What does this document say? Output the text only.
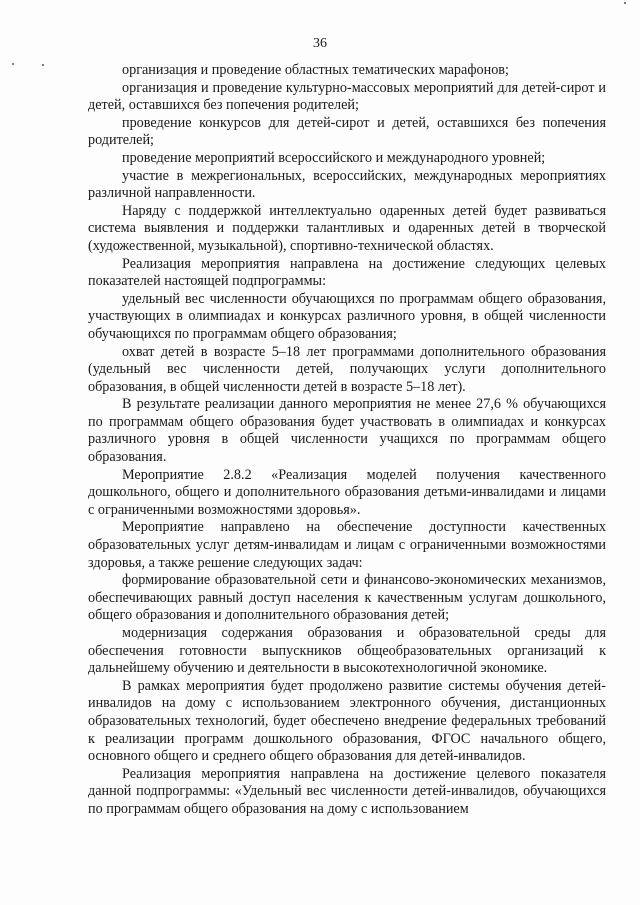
36

организация и проведение областных тематических марафонов;

организация и проведение культурно-массовых мероприятий для детей-сирот и детей, оставшихся без попечения родителей;

проведение конкурсов для детей-сирот и детей, оставшихся без попечения родителей;

проведение мероприятий всероссийского и международного уровней;

участие в межрегиональных, всероссийских, международных мероприятиях различной направленности.

Наряду с поддержкой интеллектуально одаренных детей будет развиваться система выявления и поддержки талантливых и одаренных детей в творческой (художественной, музыкальной), спортивно-технической областях.

Реализация мероприятия направлена на достижение следующих целевых показателей настоящей подпрограммы:

удельный вес численности обучающихся по программам общего образования, участвующих в олимпиадах и конкурсах различного уровня, в общей численности обучающихся по программам общего образования;

охват детей в возрасте 5–18 лет программами дополнительного образования (удельный вес численности детей, получающих услуги дополнительного образования, в общей численности детей в возрасте 5–18 лет).

В результате реализации данного мероприятия не менее 27,6 % обучающихся по программам общего образования будет участвовать в олимпиадах и конкурсах различного уровня в общей численности учащихся по программам общего образования.

Мероприятие 2.8.2 «Реализация моделей получения качественного дошкольного, общего и дополнительного образования детьми-инвалидами и лицами с ограниченными возможностями здоровья».

Мероприятие направлено на обеспечение доступности качественных образовательных услуг детям-инвалидам и лицам с ограниченными возможностями здоровья, а также решение следующих задач:

формирование образовательной сети и финансово-экономических механизмов, обеспечивающих равный доступ населения к качественным услугам дошкольного, общего образования и дополнительного образования детей;

модернизация содержания образования и образовательной среды для обеспечения готовности выпускников общеобразовательных организаций к дальнейшему обучению и деятельности в высокотехнологичной экономике.

В рамках мероприятия будет продолжено развитие системы обучения детей-инвалидов на дому с использованием электронного обучения, дистанционных образовательных технологий, будет обеспечено внедрение федеральных требований к реализации программ дошкольного образования, ФГОС начального общего, основного общего и среднего общего образования для детей-инвалидов.

Реализация мероприятия направлена на достижение целевого показателя данной подпрограммы: «Удельный вес численности детей-инвалидов, обучающихся по программам общего образования на дому с использованием
